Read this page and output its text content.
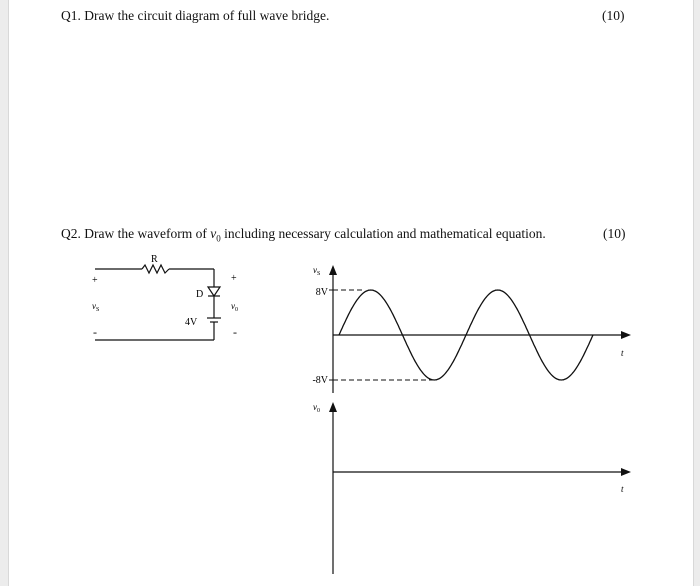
Q1. Draw the circuit diagram of full wave bridge.	(10)
Q2. Draw the waveform of $v_0$ including necessary calculation and mathematical equation.	(10)
R
D
4V
+
-
$v_S$
+
-
$v_0$
$v_S$
t
8V
-8V
$v_0$
t
